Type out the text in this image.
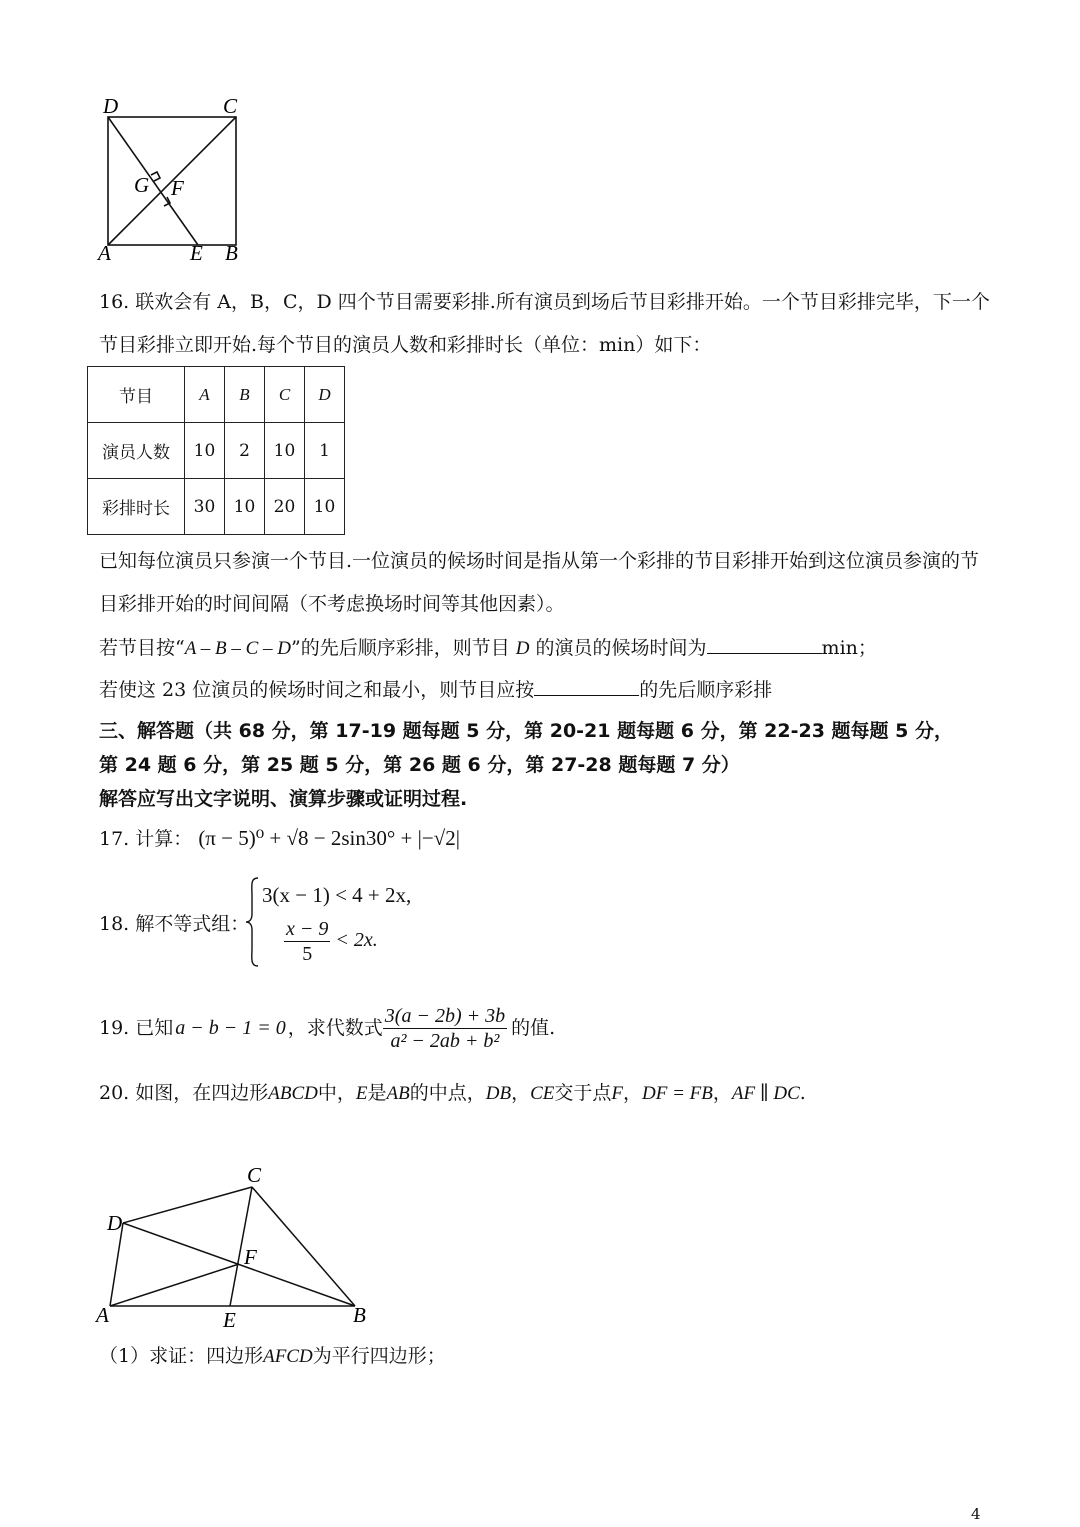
D	C
G F
A	E B
16. 联欢会有 A，B，C，D 四个节目需要彩排.所有演员到场后节目彩排开始。一个节目彩排完毕，下一个
节目彩排立即开始.每个节目的演员人数和彩排时长（单位：min）如下：
节目	A	B	C	D
演员人数	10	2	10	1
彩排时长	30	10	20	10
已知每位演员只参演一个节目.一位演员的候场时间是指从第一个彩排的节目彩排开始到这位演员参演的节
目彩排开始的时间间隔（不考虑换场时间等其他因素）。
若节目按“A – B – C – D”的先后顺序彩排，则节目 D 的演员的候场时间为	min；
若使这 23 位演员的候场时间之和最小，则节目应按	的先后顺序彩排
三、解答题（共 68 分，第 17-19 题每题 5 分，第 20-21 题每题 6 分，第 22-23 题每题 5 分，
第 24 题 6 分，第 25 题 5 分，第 26 题 6 分，第 27-28 题每题 7 分）
解答应写出文字说明、演算步骤或证明过程.
17. 计算： (π − 5)⁰ + √8 − 2sin30° + |−√2|
18. 解不等式组：
3(x − 1) < 4 + 2x,
$\frac{x - 9}{5} < 2x$.
19. 已知 a − b − 1 = 0 ，求代数式 $\frac{3(a - 2b) + 3b}{\text{a² − 2ab + b²}}$ 的值.
20. 如图，在四边形ABCD中，E是AB的中点，DB，CE交于点F，DF = FB，AF ∥ DC.
C
D
F
A	E	B
（1）求证：四边形AFCD为平行四边形；
4
